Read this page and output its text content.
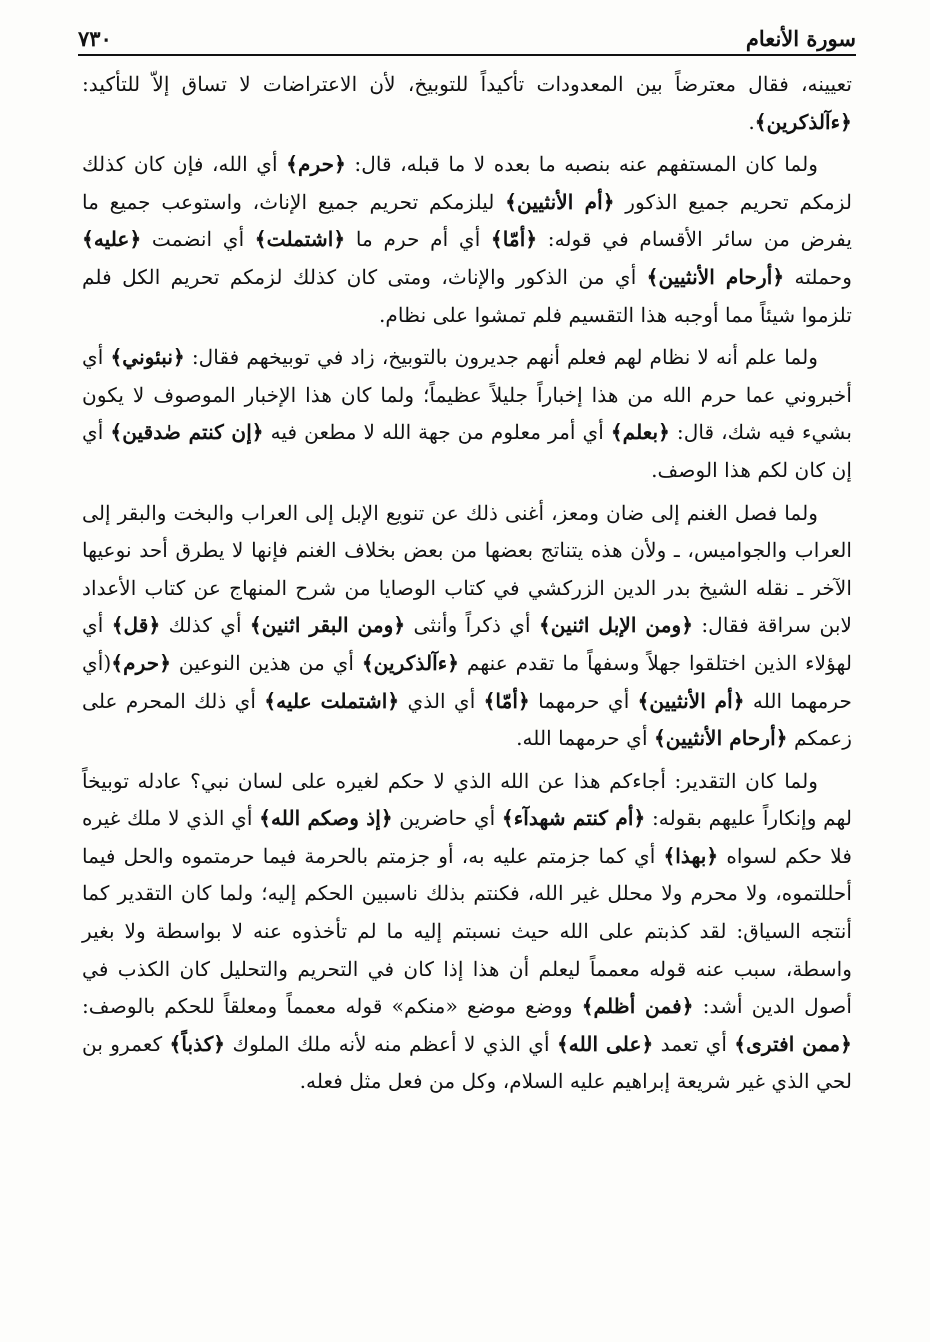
سورة الأنعام
٧٣٠

تعيينه، فقال معترضاً بين المعدودات تأكيداً للتوبيخ، لأن الاعتراضات لا تساق إلاّ للتأكيد: ﴿ءآلذكرين﴾.

ولما كان المستفهم عنه بنصبه ما بعده لا ما قبله، قال: ﴿حرم﴾ أي الله، فإن كان كذلك لزمكم تحريم جميع الذكور ﴿أم الأنثيين﴾ ليلزمكم تحريم جميع الإناث، واستوعب جميع ما يفرض من سائر الأقسام في قوله: ﴿أمّا﴾ أي أم حرم ما ﴿اشتملت﴾ أي انضمت ﴿عليه﴾ وحملته ﴿أرحام الأنثيين﴾ أي من الذكور والإناث، ومتى كان كذلك لزمكم تحريم الكل فلم تلزموا شيئاً مما أوجبه هذا التقسيم فلم تمشوا على نظام.

ولما علم أنه لا نظام لهم فعلم أنهم جديرون بالتوبيخ، زاد في توبيخهم فقال: ﴿نبئوني﴾ أي أخبروني عما حرم الله من هذا إخباراً جليلاً عظيماً؛ ولما كان هذا الإخبار الموصوف لا يكون بشيء فيه شك، قال: ﴿بعلم﴾ أي أمر معلوم من جهة الله لا مطعن فيه ﴿إن كنتم صٰدقين﴾ أي إن كان لكم هذا الوصف.

ولما فصل الغنم إلى ضان ومعز، أغنى ذلك عن تنويع الإبل إلى العراب والبخت والبقر إلى العراب والجواميس، ـ ولأن هذه يتناتج بعضها من بعض بخلاف الغنم فإنها لا يطرق أحد نوعيها الآخر ـ نقله الشيخ بدر الدين الزركشي في كتاب الوصايا من شرح المنهاج عن كتاب الأعداد لابن سراقة فقال: ﴿ومن الإبل اثنين﴾ أي ذكراً وأنثى ﴿ومن البقر اثنين﴾ أي كذلك ﴿قل﴾ أي لهؤلاء الذين اختلقوا جهلاً وسفهاً ما تقدم عنهم ﴿ءآلذكرين﴾ أي من هذين النوعين ﴿حرم﴾(أي حرمهما الله ﴿أم الأنثيين﴾ أي حرمهما ﴿أمّا﴾ أي الذي ﴿اشتملت عليه﴾ أي ذلك المحرم على زعمكم ﴿أرحام الأنثيين﴾ أي حرمهما الله.

ولما كان التقدير: أجاءكم هذا عن الله الذي لا حكم لغيره على لسان نبي؟ عادله توبيخاً لهم وإنكاراً عليهم بقوله: ﴿أم كنتم شهدآء﴾ أي حاضرين ﴿إذ وصكم الله﴾ أي الذي لا ملك غيره فلا حكم لسواه ﴿بهذا﴾ أي كما جزمتم عليه به، أو جزمتم بالحرمة فيما حرمتموه والحل فيما أحللتموه، ولا محرم ولا محلل غير الله، فكنتم بذلك ناسبين الحكم إليه؛ ولما كان التقدير كما أنتجه السياق: لقد كذبتم على الله حيث نسبتم إليه ما لم تأخذوه عنه لا بواسطة ولا بغير واسطة، سبب عنه قوله معمماً ليعلم أن هذا إذا كان في التحريم والتحليل كان الكذب في أصول الدين أشد: ﴿فمن أظلم﴾ ووضع موضع «منكم» قوله معمماً ومعلقاً للحكم بالوصف: ﴿ممن افترى﴾ أي تعمد ﴿على الله﴾ أي الذي لا أعظم منه لأنه ملك الملوك ﴿كذباً﴾ كعمرو بن لحي الذي غير شريعة إبراهيم عليه السلام، وكل من فعل مثل فعله.
